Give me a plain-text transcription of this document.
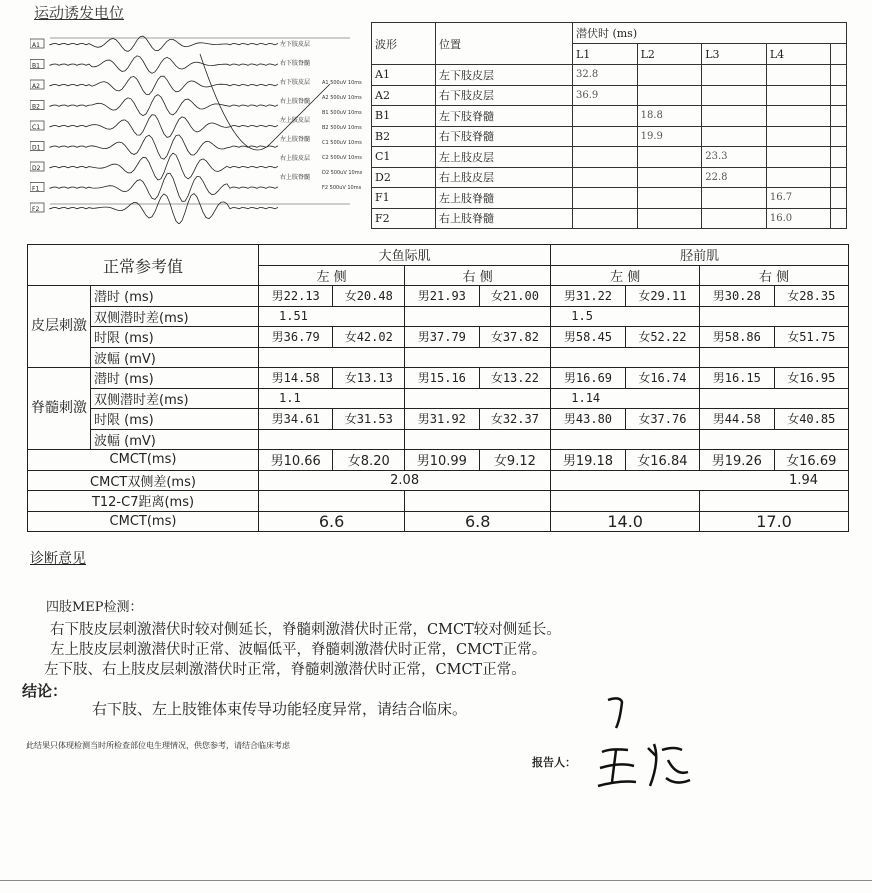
运动诱发电位
A1
B1
A2
B2
C1
D1
D2
F1
F2
左下肢皮层
右下肢脊髓
右下肢皮层
右上肢脊髓
左上肢皮层
左上肢脊髓
右上肢皮层
右上肢脊髓
A1 500uV 10ms
A2 500uV 10ms
B1 500uV 10ms
B2 500uV 10ms
C1 500uV 10ms
C2 500uV 10ms
D2 500uV 10ms
F2 500uV 10ms
波形	位置	潜伏时 (ms)				
		L1	L2	L3	L4	
A1	左下肢皮层	32.8				
A2	右下肢皮层	36.9				
B1	左下肢脊髓		18.8			
B2	右下肢脊髓		19.9			
C1	左上肢皮层			23.3		
D2	右上肢皮层			22.8		
F1	左上肢脊髓				16.7	
F2	右上肢脊髓				16.0	
正常参考值		大鱼际肌				胫前肌			
		左 侧		右 侧		左 侧		右 侧	
皮层刺激	潜时 (ms)	男22.13	女20.48	男21.93	女21.00	男31.22	女29.11	男30.28	女28.35
	双侧潜时差(ms)	1.51				1.5			
	时限 (ms)	男36.79	女42.02	男37.79	女37.82	男58.45	女52.22	男58.86	女51.75
	波幅 (mV)								
脊髓刺激	潜时 (ms)	男14.58	女13.13	男15.16	女13.22	男16.69	女16.74	男16.15	女16.95
	双侧潜时差(ms)	1.1				1.14			
	时限 (ms)	男34.61	女31.53	男31.92	女32.37	男43.80	女37.76	男44.58	女40.85
	波幅 (mV)								
CMCT(ms)		男10.66	女8.20	男10.99	女9.12	男19.18	女16.84	男19.26	女16.69
CMCT双侧差(ms)		2.08				1.94			
T12-C7距离(ms)									
CMCT(ms)		6.6		6.8		14.0		17.0	
诊断意见
四肢MEP检测：
右下肢皮层刺激潜伏时较对侧延长，脊髓刺激潜伏时正常，CMCT较对侧延长。
左上肢皮层刺激潜伏时正常、波幅低平，脊髓刺激潜伏时正常，CMCT正常。
左下肢、右上肢皮层刺激潜伏时正常，脊髓刺激潜伏时正常，CMCT正常。
结论：
右下肢、左上肢锥体束传导功能轻度异常，请结合临床。
此结果只体现检测当时所检查部位电生理情况，供您参考，请结合临床考虑
报告人：
